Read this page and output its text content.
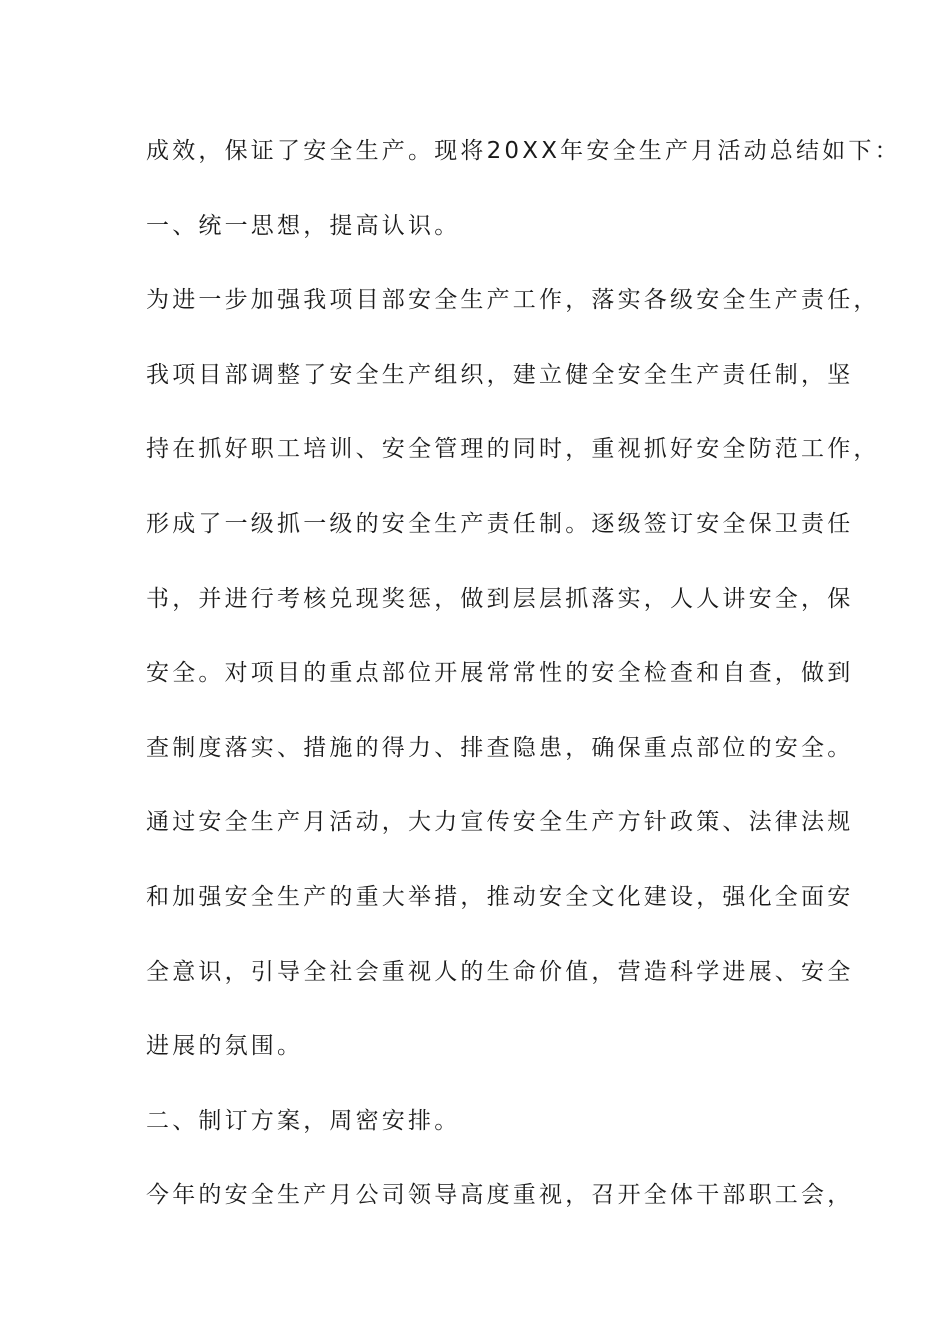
成效，保证了安全生产。现将20XX年安全生产月活动总结如下：
一、统一思想，提高认识。
为进一步加强我项目部安全生产工作，落实各级安全生产责任，
我项目部调整了安全生产组织，建立健全安全生产责任制，坚
持在抓好职工培训、安全管理的同时，重视抓好安全防范工作，
形成了一级抓一级的安全生产责任制。逐级签订安全保卫责任
书，并进行考核兑现奖惩，做到层层抓落实，人人讲安全，保
安全。对项目的重点部位开展常常性的安全检查和自查，做到
查制度落实、措施的得力、排查隐患，确保重点部位的安全。
通过安全生产月活动，大力宣传安全生产方针政策、法律法规
和加强安全生产的重大举措，推动安全文化建设，强化全面安
全意识，引导全社会重视人的生命价值，营造科学进展、安全
进展的氛围。
二、制订方案，周密安排。
今年的安全生产月公司领导高度重视，召开全体干部职工会，
